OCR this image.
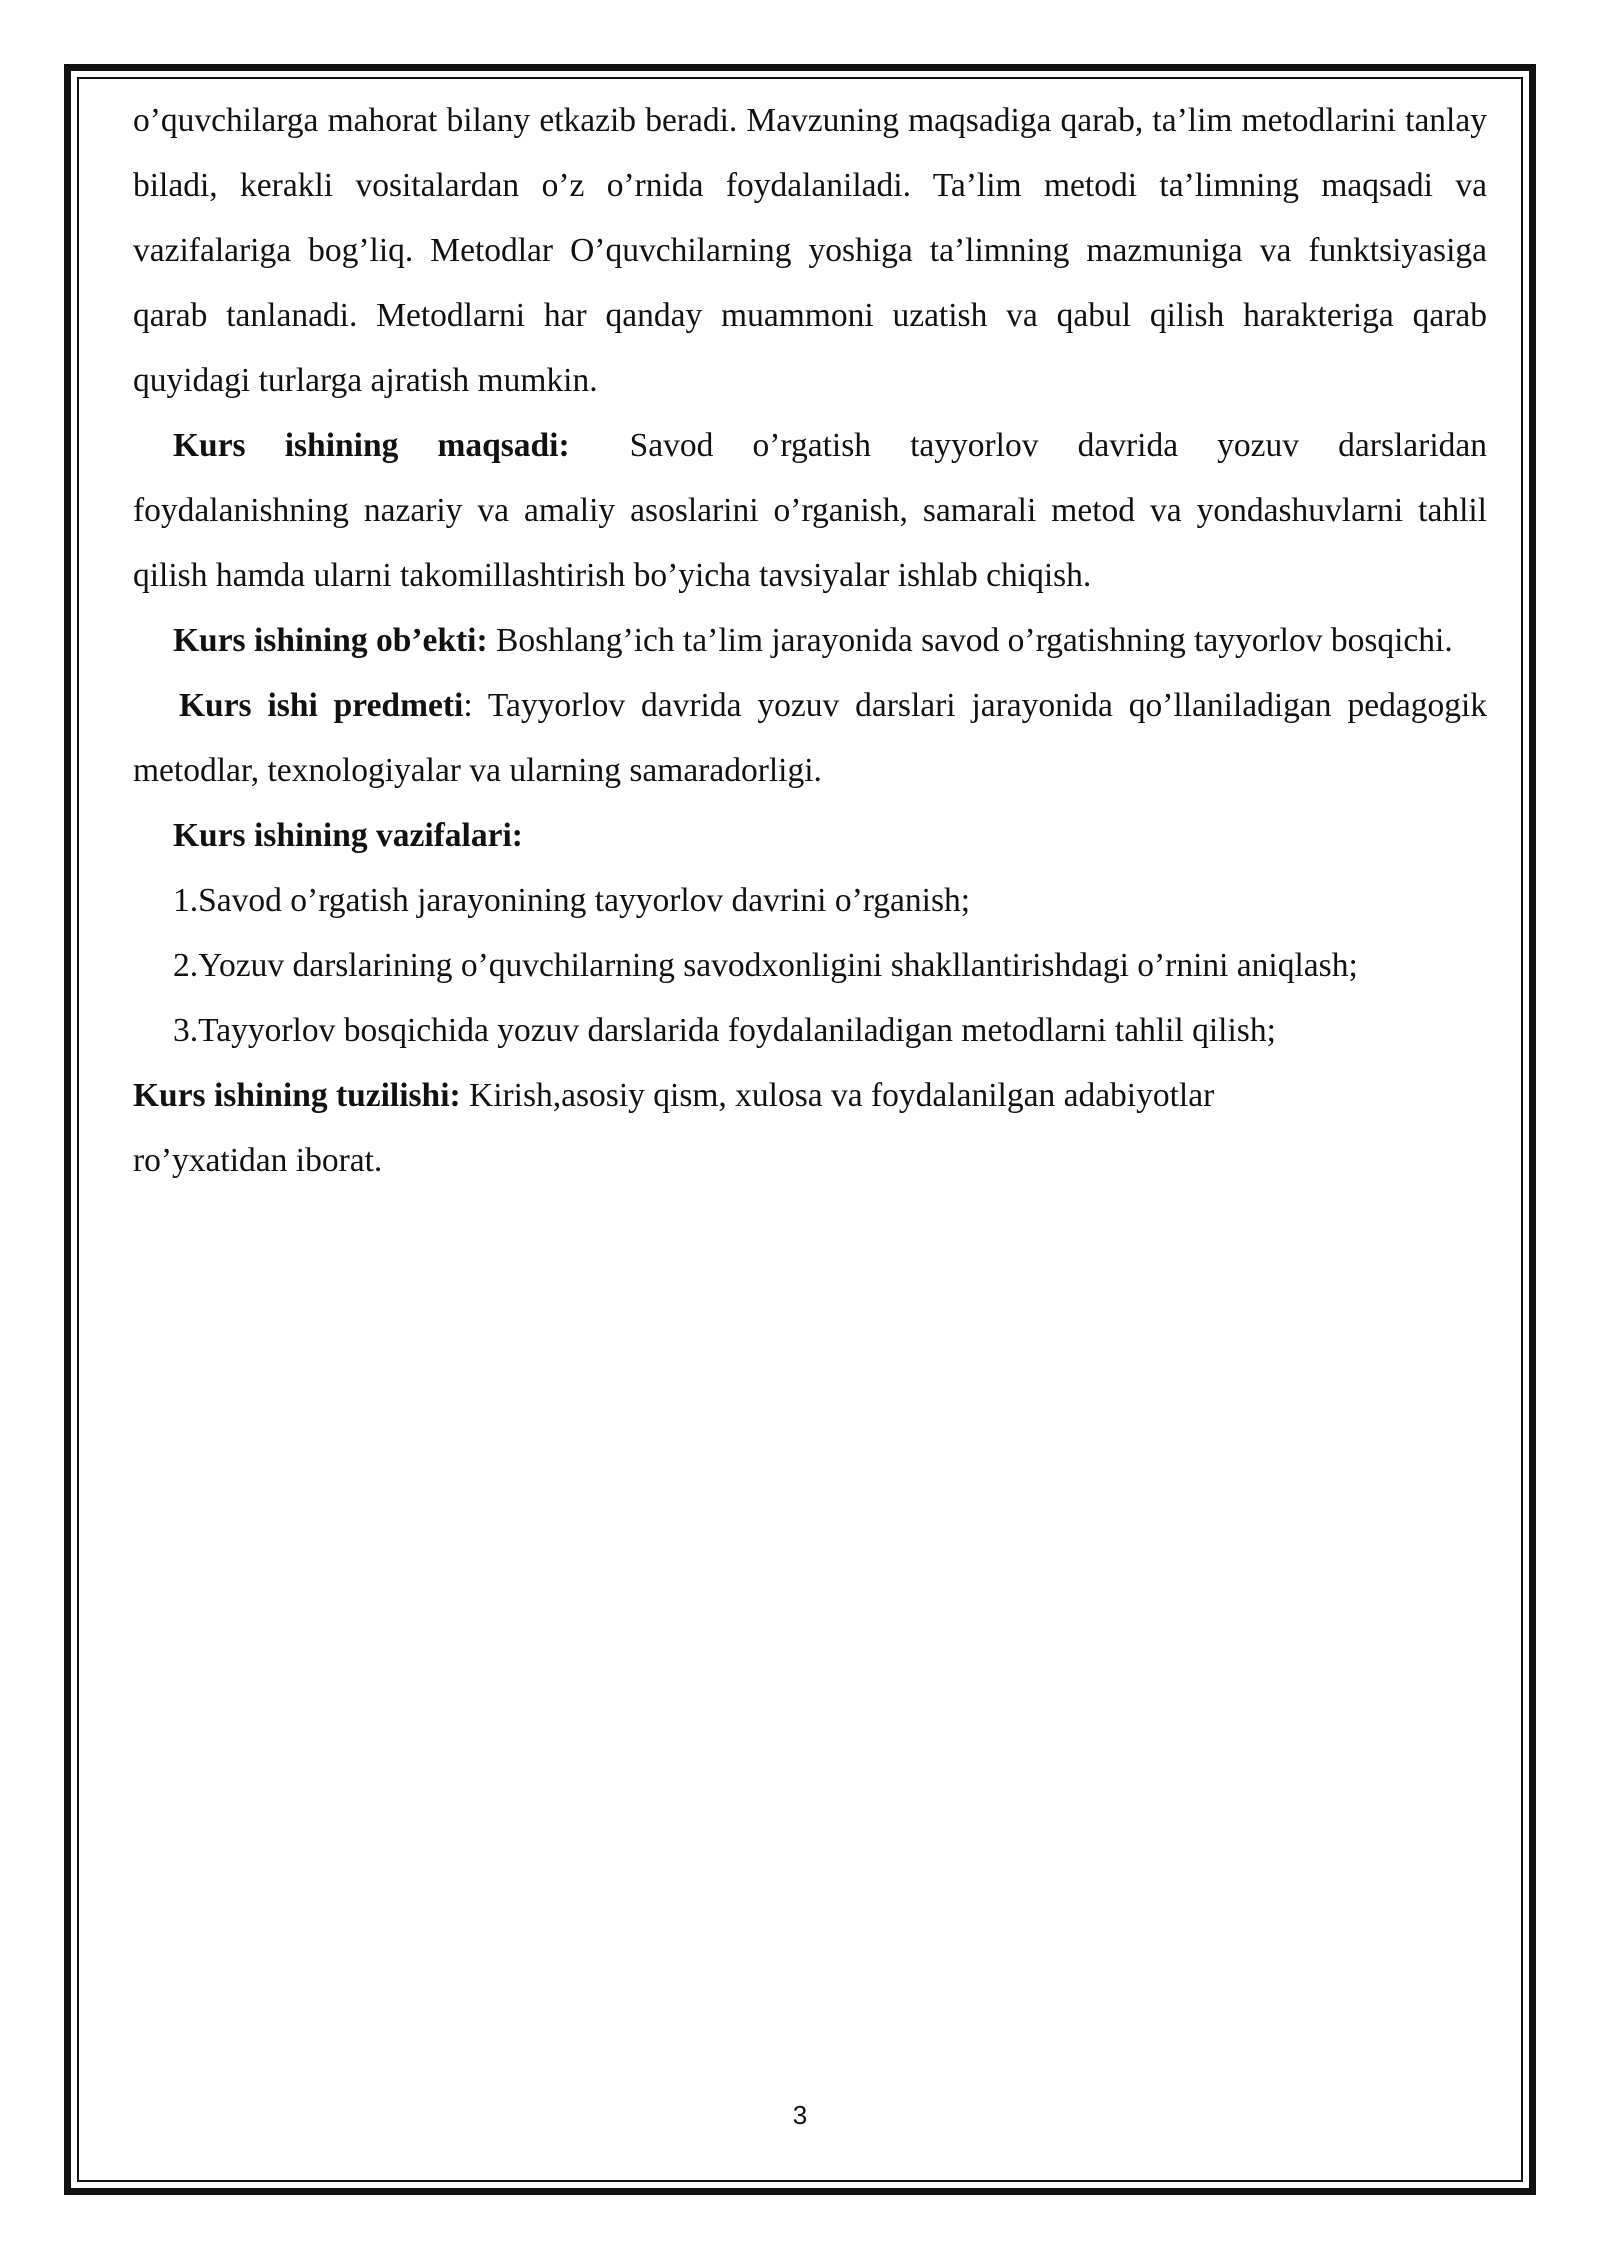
o’quvchilarga mahorat bilany etkazib beradi. Mavzuning maqsadiga qarab, ta’lim metodlarini tanlay biladi, kerakli vositalardan o’z o’rnida foydalaniladi. Ta’lim metodi ta’limning maqsadi va vazifalariga bog’liq. Metodlar O’quvchilarning yoshiga ta’limning mazmuniga va funktsiyasiga qarab tanlanadi. Metodlarni har qanday muammoni uzatish va qabul qilish harakteriga qarab quyidagi turlarga ajratish mumkin.

Kurs ishining maqsadi: Savod o’rgatish tayyorlov davrida yozuv darslaridan foydalanishning nazariy va amaliy asoslarini o’rganish, samarali metod va yondashuvlarni tahlil qilish hamda ularni takomillashtirish bo’yicha tavsiyalar ishlab chiqish.

Kurs ishining ob’ekti: Boshlang’ich ta’lim jarayonida savod o’rgatishning tayyorlov bosqichi.

Kurs ishi predmeti: Tayyorlov davrida yozuv darslari jarayonida qo’llaniladigan pedagogik metodlar, texnologiyalar va ularning samaradorligi.

Kurs ishining vazifalari:

1.Savod o’rgatish jarayonining tayyorlov davrini o’rganish;

2.Yozuv darslarining o’quvchilarning savodxonligini shakllantirishdagi o’rnini aniqlash;

3.Tayyorlov bosqichida yozuv darslarida foydalaniladigan metodlarni tahlil qilish;

Kurs ishining tuzilishi: Kirish,asosiy qism, xulosa va foydalanilgan adabiyotlar

ro’yxatidan iborat.

3
